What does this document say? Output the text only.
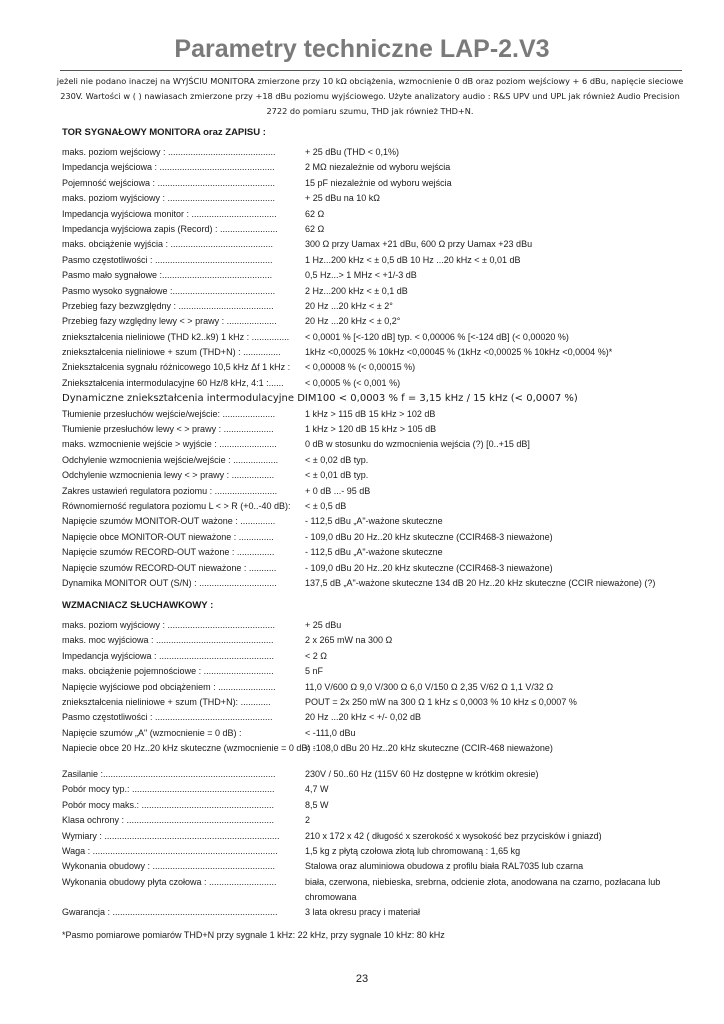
Parametry techniczne LAP-2.V3
jeżeli nie podano inaczej na WYJŚCIU MONITORA zmierzone przy 10 kΩ obciążenia, wzmocnienie 0 dB oraz poziom wejściowy + 6 dBu, napięcie sieciowe 230V. Wartości w ( ) nawiasach zmierzone przy +18 dBu poziomu wyjściowego. Użyte analizatory audio : R&S UPV und UPL jak również Audio Precision 2722 do pomiaru szumu, THD jak również THD+N.
TOR SYGNAŁOWY MONITORA oraz ZAPISU :
maks. poziom wejściowy : ...........................................	+ 25 dBu (THD < 0,1%)
Impedancja wejściowa : ..............................................	2 MΩ niezależnie od wyboru wejścia
Pojemność wejściowa : ...............................................	15 pF niezależnie od wyboru wejścia
maks. poziom wyjściowy : ...........................................	+ 25 dBu na 10 kΩ
Impedancja wyjściowa monitor : ..................................	62 Ω
Impedancja wyjściowa zapis (Record) : .......................	62 Ω
maks. obciążenie wyjścia : .........................................	300 Ω przy Uamax +21 dBu, 600 Ω przy Uamax +23 dBu
Pasmo częstotliwości : ...............................................	1 Hz...200 kHz < ± 0,5 dB 10 Hz ...20 kHz < ± 0,01 dB
Pasmo mało sygnałowe :............................................	0,5 Hz...> 1 MHz < +1/-3 dB
Pasmo wysoko sygnałowe :.........................................	2 Hz...200 kHz < ± 0,1 dB
Przebieg fazy bezwzględny : ......................................	20 Hz ...20 kHz < ± 2°
Przebieg fazy względny lewy < > prawy : ....................	20 Hz ...20 kHz < ± 0,2°
zniekształcenia nieliniowe (THD k2..k9) 1 kHz : ............... < 0,0001 % [<-120 dB] typ. < 0,00006 % [<-124 dB] (< 0,00020 %)
zniekształcenia nieliniowe + szum (THD+N) : ...............	1kHz <0,00025 % 10kHz <0,00045 % (1kHz <0,00025 % 10kHz <0,0004 %)*
Zniekształcenia sygnału różnicowego 10,5 kHz Δf 1 kHz : < 0,00008 % (< 0,00015 %)
Zniekształcenia intermodulacyjne 60 Hz/8 kHz, 4:1 :...... < 0,0005 % (< 0,001 %)
Dynamiczne zniekształcenia intermodulacyjne DIM100 < 0,0003 % f = 3,15 kHz / 15 kHz (< 0,0007 %)
Tłumienie przesłuchów wejście/wejście: .....................	1 kHz > 115 dB 15 kHz > 102 dB
Tłumienie przesłuchów lewy < > prawy : ....................	1 kHz > 120 dB 15 kHz > 105 dB
maks. wzmocnienie wejście > wyjście : .......................	0 dB w stosunku do wzmocnienia wejścia (?) [0..+15 dB]
Odchylenie wzmocnienia wejście/wejście : ..................	< ± 0,02 dB typ.
Odchylenie wzmocnienia lewy < > prawy : .................	< ± 0,01 dB typ.
Zakres ustawień regulatora poziomu : .........................	+ 0 dB ...- 95 dB
Równomierność regulatora poziomu L < > R (+0..-40 dB): < ± 0,5 dB
Napięcie szumów MONITOR-OUT ważone : ..............	- 112,5 dBu „A"-ważone skuteczne
Napięcie obce MONITOR-OUT nieważone : ..............	- 109,0 dBu 20 Hz..20 kHz skuteczne (CCIR468-3 nieważone)
Napięcie szumów RECORD-OUT ważone : ...............	- 112,5 dBu „A"-ważone skuteczne
Napięcie szumów RECORD-OUT nieważone : ...........	- 109,0 dBu 20 Hz..20 kHz skuteczne (CCIR468-3 nieważone)
Dynamika MONITOR OUT (S/N) : ...............................	137,5 dB „A"-ważone skuteczne 134 dB 20 Hz..20 kHz skuteczne (CCIR nieważone) (?)
WZMACNIACZ SŁUCHAWKOWY :
maks. poziom wyjściowy : ...........................................	+ 25 dBu
maks. moc wyjściowa : ...............................................	2 x 265 mW na 300 Ω
Impedancja wyjściowa : ..............................................	< 2 Ω
maks. obciążenie pojemnościowe : ............................	5 nF
Napięcie wyjściowe pod obciążeniem : .......................	11,0 V/600 Ω 9,0 V/300 Ω 6,0 V/150 Ω 2,35 V/62 Ω 1,1 V/32 Ω
zniekształcenia nieliniowe + szum (THD+N): ............	POUT = 2x 250 mW na 300 Ω 1 kHz ≤ 0,0003 % 10 kHz ≤ 0,0007 %
Pasmo częstotliwości : ...............................................	20 Hz ...20 kHz < +/- 0,02 dB
Napięcie szumów „A" (wzmocnienie = 0 dB) :	< -111,0 dBu
Napiecie obce 20 Hz..20 kHz skuteczne (wzmocnienie = 0 dB) :
< -108,0 dBu 20 Hz..20 kHz skuteczne (CCIR-468 nieważone)
Zasilanie :.....................................................................	230V / 50..60 Hz (115V 60 Hz dostępne w krótkim okresie)
Pobór mocy typ.: .........................................................	4,7 W
Pobór mocy maks.: .....................................................	8,5 W
Klasa ochrony : ...........................................................	2
Wymiary : ......................................................................	210 x 172 x 42 ( długość x szerokość x wysokość bez przycisków i gniazd)
Waga : ..........................................................................	1,5 kg z płytą czołowa złotą lub chromowaną : 1,65 kg
Wykonania obudowy : .................................................	Stalowa oraz aluminiowa obudowa z profilu biała RAL7035 lub czarna
Wykonania obudowy płyta czołowa : ...........................	biała, czerwona, niebieska, srebrna, odcienie złota, anodowana na czarno, pozłacana lub chromowana
Gwarancja : ..................................................................	3 lata okresu pracy i materiał
*Pasmo pomiarowe pomiarów THD+N przy sygnale 1 kHz: 22 kHz, przy sygnale 10 kHz: 80 kHz
23
